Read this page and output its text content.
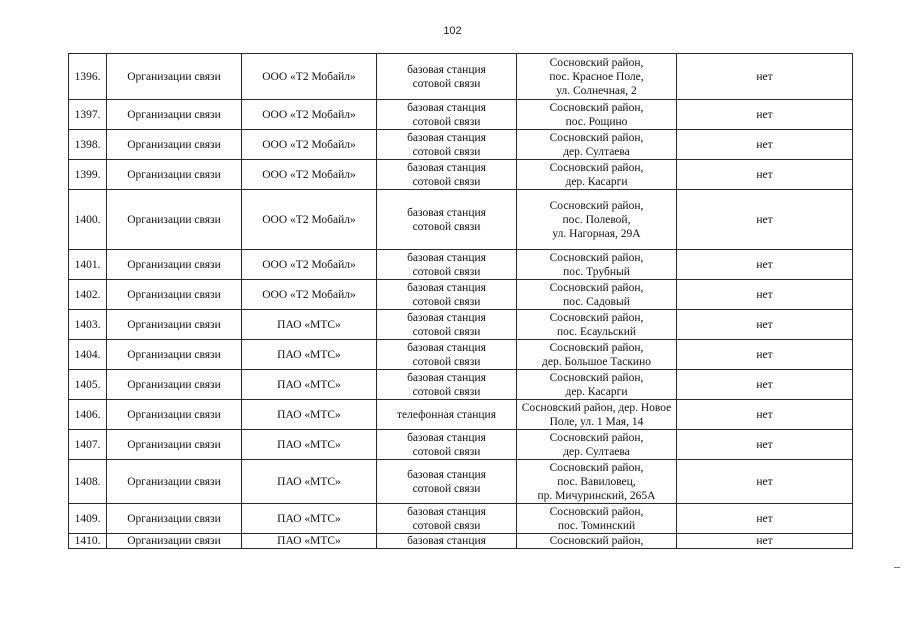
102
1396.	Организации связи	ООО «Т2 Мобайл»	базовая станция
сотовой связи	Сосновский район,
пос. Красное Поле,
ул. Солнечная, 2	нет
1397.	Организации связи	ООО «Т2 Мобайл»	базовая станция
сотовой связи	Сосновский район,
пос. Рощино	нет
1398.	Организации связи	ООО «Т2 Мобайл»	базовая станция
сотовой связи	Сосновский район,
дер. Султаева	нет
1399.	Организации связи	ООО «Т2 Мобайл»	базовая станция
сотовой связи	Сосновский район,
дер. Касарги	нет
1400.	Организации связи	ООО «Т2 Мобайл»	базовая станция
сотовой связи	Сосновский район,
пос. Полевой,
ул. Нагорная, 29А	нет
1401.	Организации связи	ООО «Т2 Мобайл»	базовая станция
сотовой связи	Сосновский район,
пос. Трубный	нет
1402.	Организации связи	ООО «Т2 Мобайл»	базовая станция
сотовой связи	Сосновский район,
пос. Садовый	нет
1403.	Организации связи	ПАО «МТС»	базовая станция
сотовой связи	Сосновский район,
пос. Есаульский	нет
1404.	Организации связи	ПАО «МТС»	базовая станция
сотовой связи	Сосновский район,
дер. Большое Таскино	нет
1405.	Организации связи	ПАО «МТС»	базовая станция
сотовой связи	Сосновский район,
дер. Касарги	нет
1406.	Организации связи	ПАО «МТС»	телефонная станция	Сосновский район, дер. Новое
Поле, ул. 1 Мая, 14	нет
1407.	Организации связи	ПАО «МТС»	базовая станция
сотовой связи	Сосновский район,
дер. Султаева	нет
1408.	Организации связи	ПАО «МТС»	базовая станция
сотовой связи	Сосновский район,
пос. Вавиловец,
пр. Мичуринский, 265А	нет
1409.	Организации связи	ПАО «МТС»	базовая станция
сотовой связи	Сосновский район,
пос. Томинский	нет
1410.	Организации связи	ПАО «МТС»	базовая станция	Сосновский район,	нет
